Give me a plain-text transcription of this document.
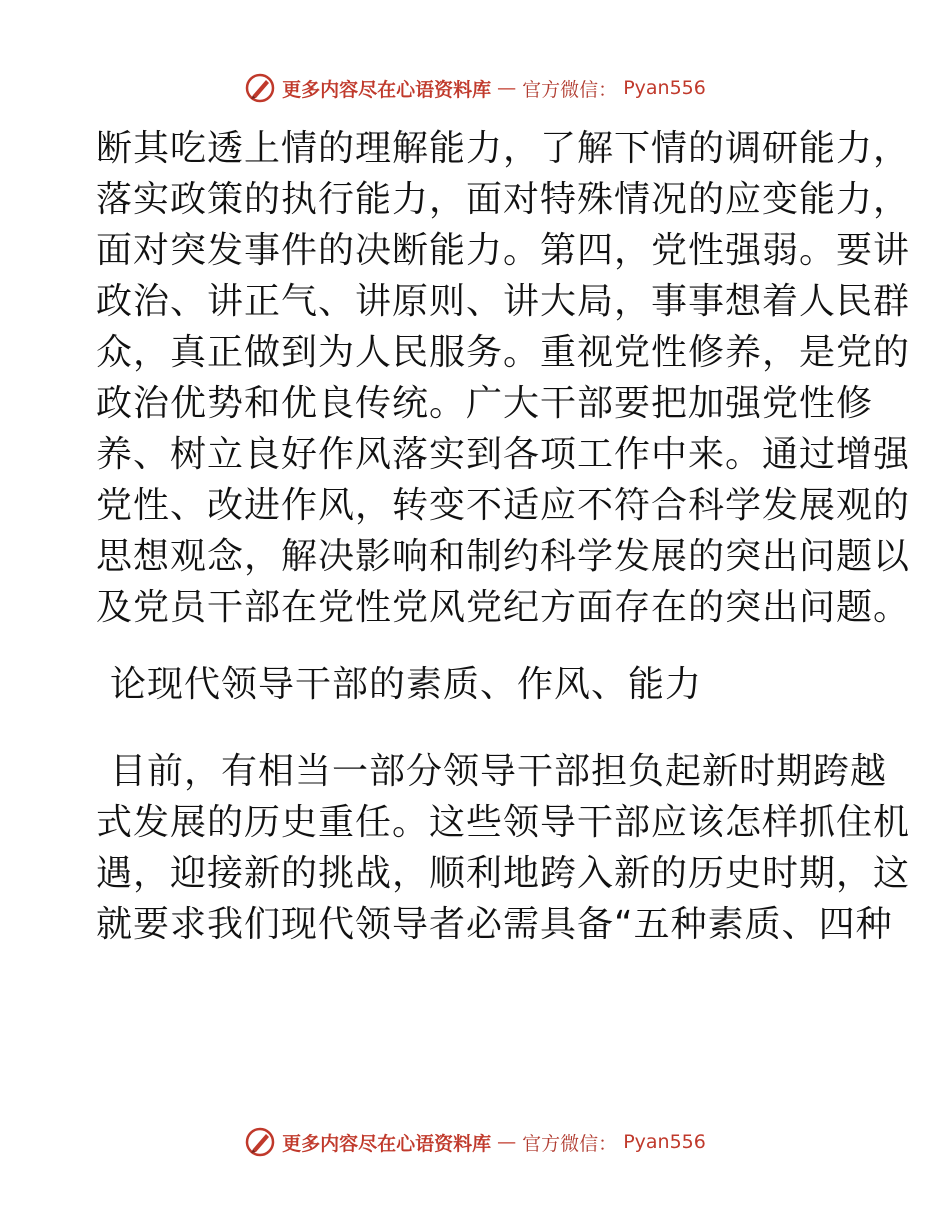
更多内容尽在心语资料库 — 官方微信： Pyan556
断其吃透上情的理解能力，了解下情的调研能力，
落实政策的执行能力，面对特殊情况的应变能力，
面对突发事件的决断能力。第四，党性强弱。要讲
政治、讲正气、讲原则、讲大局，事事想着人民群
众，真正做到为人民服务。重视党性修养，是党的
政治优势和优良传统。广大干部要把加强党性修
养、树立良好作风落实到各项工作中来。通过增强
党性、改进作风，转变不适应不符合科学发展观的
思想观念，解决影响和制约科学发展的突出问题以
及党员干部在党性党风党纪方面存在的突出问题。
论现代领导干部的素质、作风、能力
目前，有相当一部分领导干部担负起新时期跨越
式发展的历史重任。这些领导干部应该怎样抓住机
遇，迎接新的挑战，顺利地跨入新的历史时期，这
就要求我们现代领导者必需具备“五种素质、四种
更多内容尽在心语资料库 — 官方微信： Pyan556
